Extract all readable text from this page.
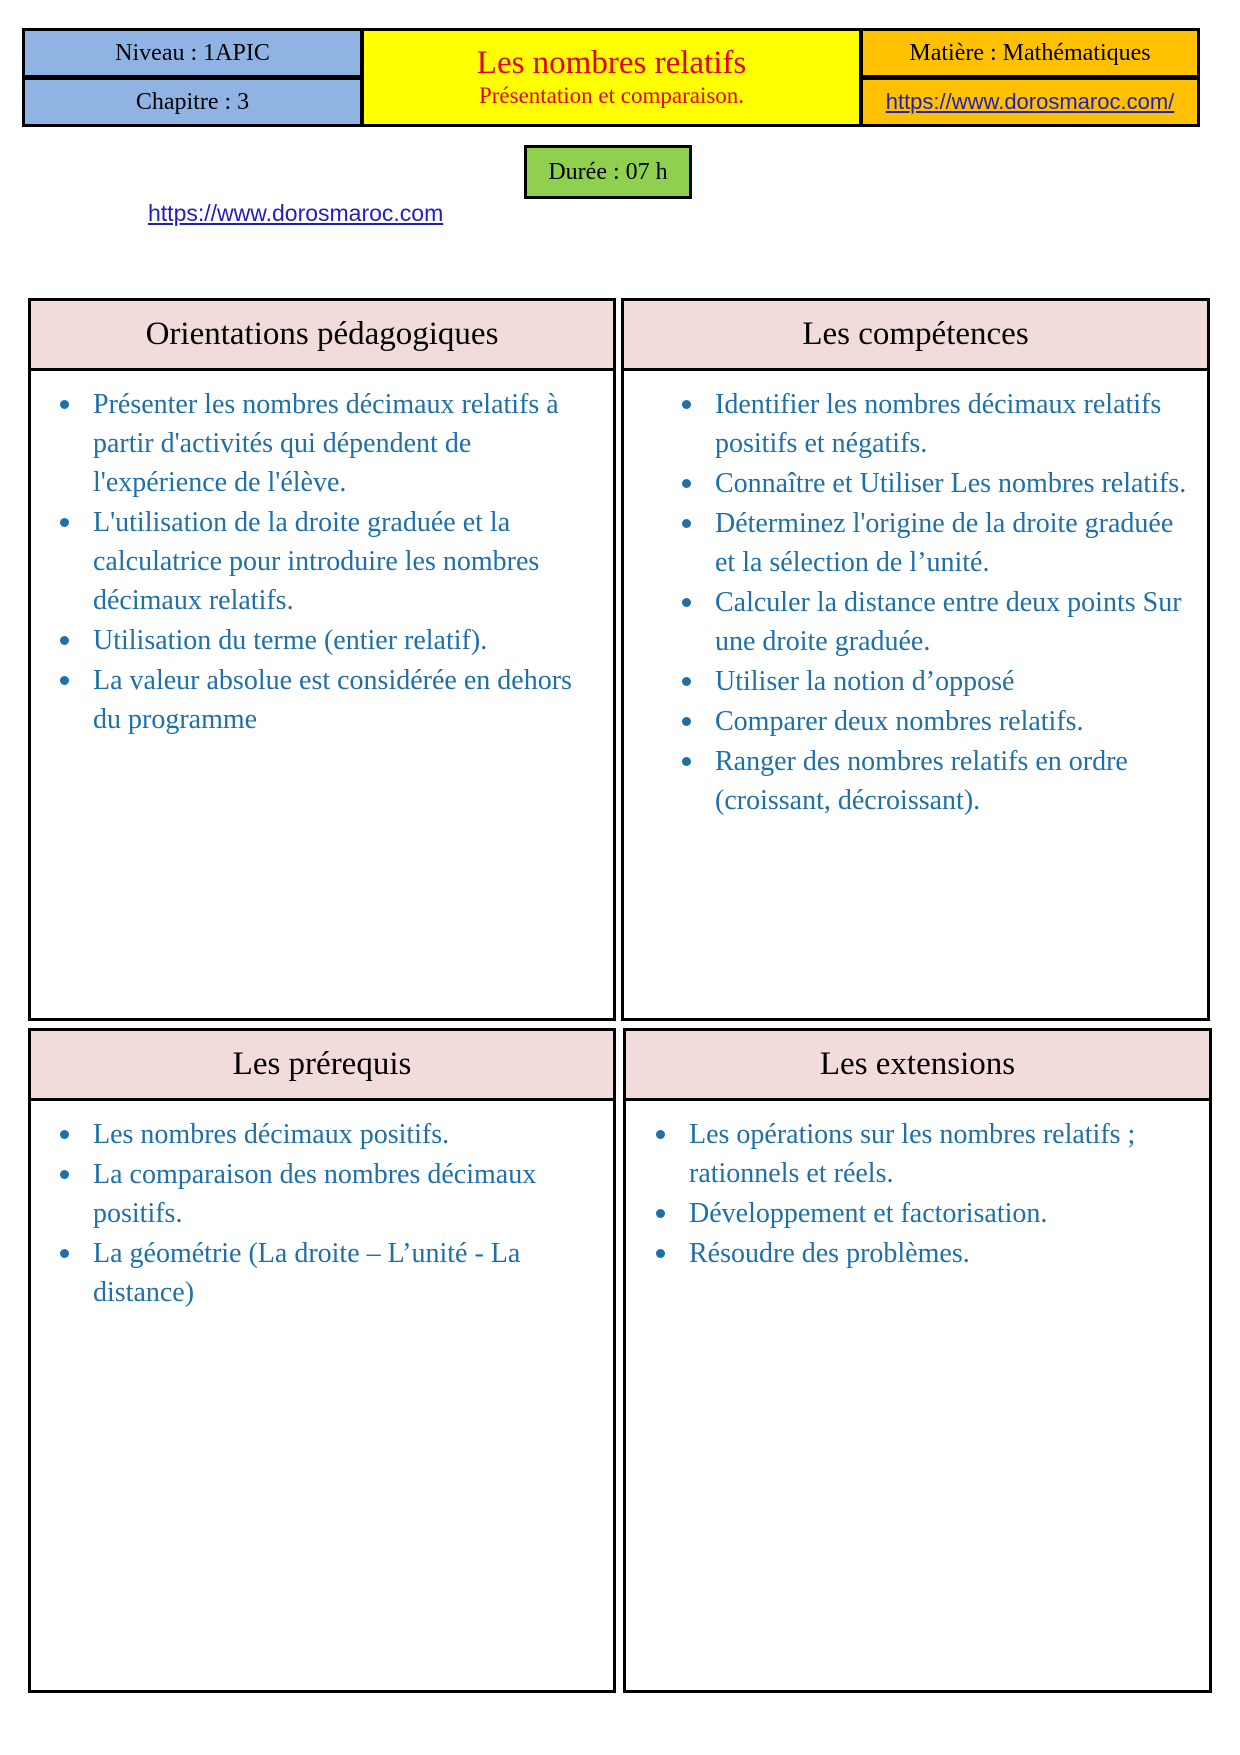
Niveau : 1APIC
Chapitre : 3
Les nombres relatifs
Présentation et comparaison.
Matière : Mathématiques
https://www.dorosmaroc.com/
Durée : 07 h
https://www.dorosmaroc.com
Orientations pédagogiques
Présenter les nombres décimaux relatifs à partir d'activités qui dépendent de l'expérience de l'élève.
L'utilisation de la droite graduée et la calculatrice pour introduire les nombres décimaux relatifs.
Utilisation du terme (entier relatif).
La valeur absolue est considérée en dehors du programme
Les compétences
Identifier les nombres décimaux relatifs positifs et négatifs.
Connaître et Utiliser Les nombres relatifs.
Déterminez l'origine de la droite graduée et la sélection de l’unité.
Calculer la distance entre deux points Sur une droite graduée.
Utiliser la notion d’opposé
Comparer deux nombres relatifs.
Ranger des nombres relatifs en ordre (croissant, décroissant).
Les prérequis
Les nombres décimaux positifs.
La comparaison des nombres décimaux positifs.
La géométrie (La droite – L’unité - La distance)
Les extensions
Les opérations sur les nombres relatifs ; rationnels et réels.
Développement et factorisation.
Résoudre des problèmes.
